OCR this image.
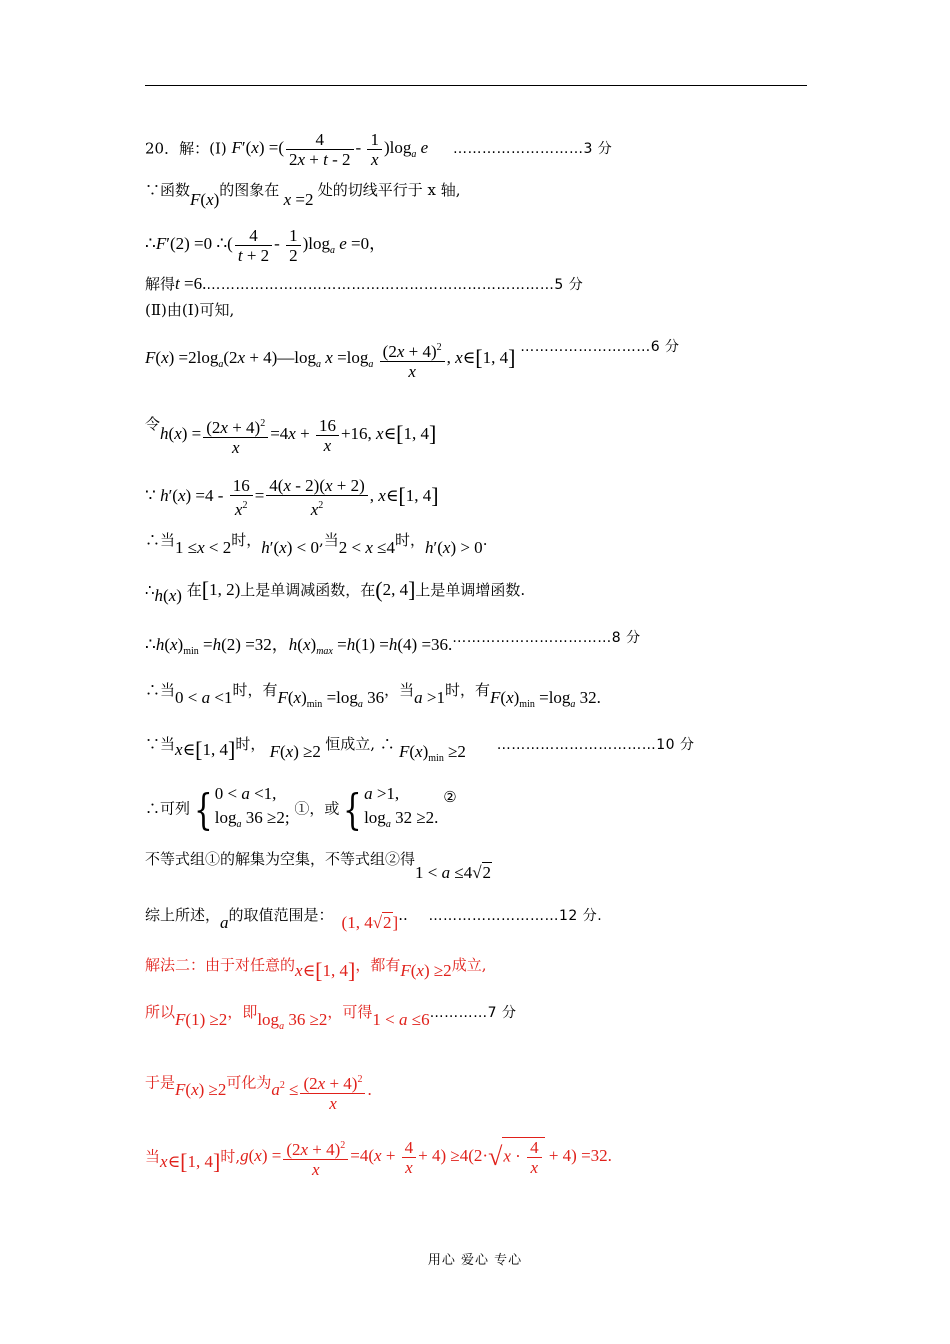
20．解：(Ⅰ) F′(x) =( $\frac{4}{2x + t - 2} - \frac{1}{x} )\log_a$ e ………………………3 分
∵函数F(x)的图象在 x =2 处的切线平行于 x 轴,
∴F′(2) =0 ∴( $\frac{4}{t + 2} - \frac{1}{2} )\log_a$ e =0，
解得t =6.………………………………………………………………5 分
(Ⅱ)由(Ⅰ)可知,
$F(x) =2\log_a(2x$ + $4)—\log_a$ $x =\log_a \frac{(2x + 4)^2}{x}$ , x∈[1, 4] ………………………6 分
令$h(x) = \frac{(2x + 4)^2}{x} =4x + \frac{16}{x} +16$, x∈[1, 4]
∵ $h'(x) =4 - \frac{16}{x^2} = \frac{4(x - 2)(x + 2)}{x^2}$ , x∈[1, 4]
∴当1 ≤x < 2时，h′(x) < 0,当2 < x ≤4时，h′(x) > 0.
∴h(x) 在[1, 2)上是单调减函数，在(2, 4]上是单调增函数.
$\therefore h(x)_{min} =h(2) =32$，$h(x)_{max} =h(1) =h(4)$ =36.……………………………8 分
∴当0 < a <1时，有$F(x)_{min} =\log_a$ 36，当a >1时，有$F(x)_{min} =\log_a$ 32.
∵当x∈[1, 4]时， F(x) ≥2 恒成立, ∴ $F(x)_{min} \ge 2$ ……………………………10 分
∴可列{ 0 < a <1,
$\log_a 36 \ge 2$; ①，或{ a >1,
$\log_a 32 \ge 2$.
②
不等式组①的解集为空集，不等式组②得1 < a ≤4√2
综上所述，a的取值范围是： (1, 4√2].. ………………………12 分.
解法二：由于对任意的x∈[1, 4]，都有F(x) ≥2成立,
所以F(1) ≥2，即$\log_a 36 \ge 2$，可得1 < a ≤6…………7 分
于是F(x) ≥2可化为$a^2 \le \frac{(2x + 4)^2}{x}$ .
当x∈[1, 4]时$,g(x) = \frac{(2x + 4)^2}{x} =4(x + \frac{4}{x} + 4) \ge 4(2\cdot√x \cdot \frac{4}{x} + 4) =32$.
用心 爱心 专心
